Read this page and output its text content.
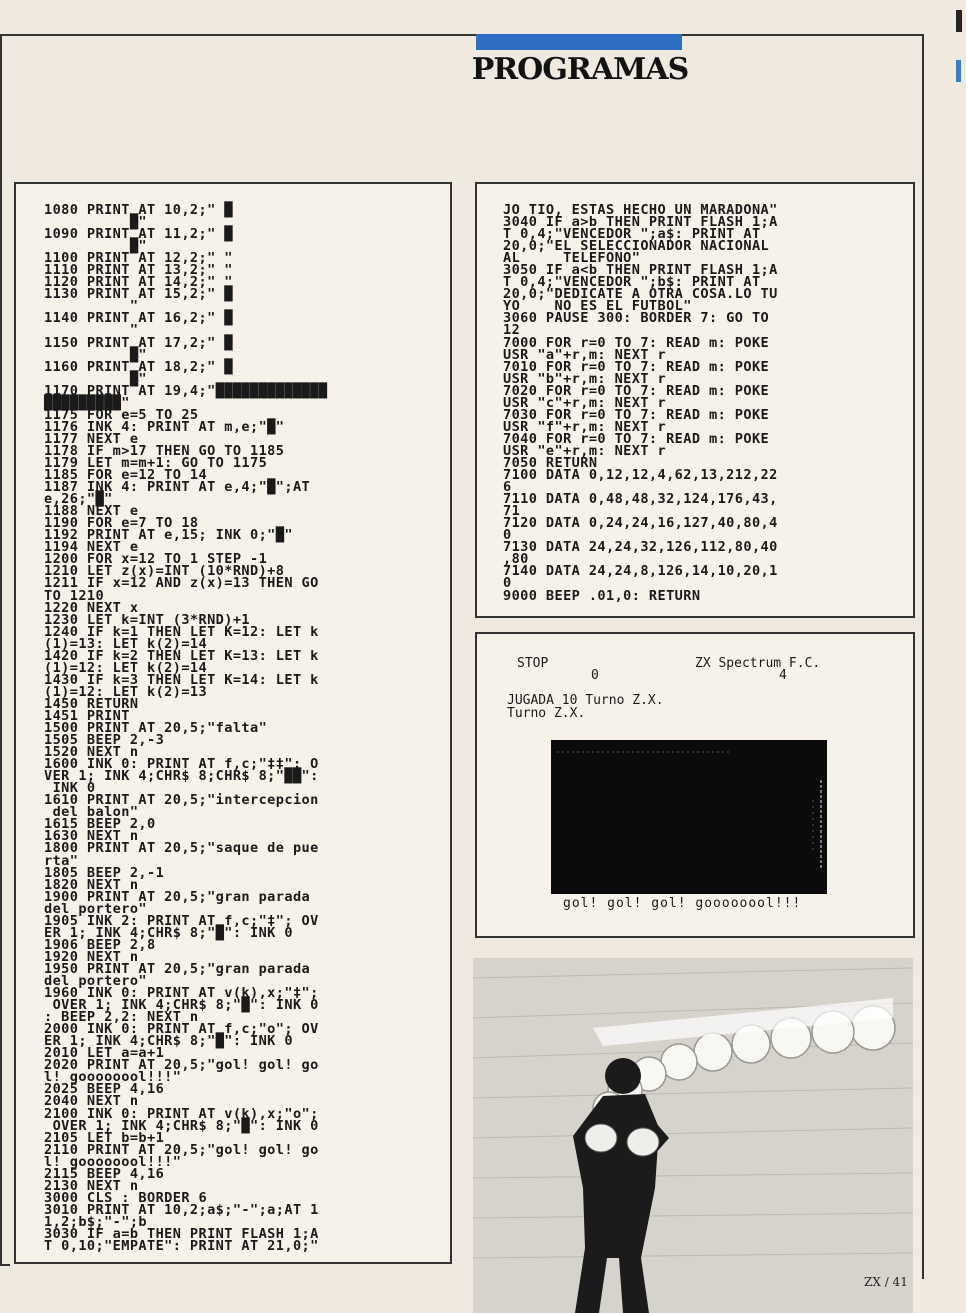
PROGRAMAS
1080 PRINT AT 10,2;" █
█"
1090 PRINT AT 11,2;" █
█"
1100 PRINT AT 12,2;" "
1110 PRINT AT 13,2;" "
1120 PRINT AT 14,2;" "
1130 PRINT AT 15,2;" █
"
1140 PRINT AT 16,2;" █
"
1150 PRINT AT 17,2;" █
█"
1160 PRINT AT 18,2;" █
█"
1170 PRINT AT 19,4;"█████████████
█████████"
1175 FOR e=5 TO 25
1176 INK 4: PRINT AT m,e;"█"
1177 NEXT e
1178 IF m>17 THEN GO TO 1185
1179 LET m=m+1: GO TO 1175
1185 FOR e=12 TO 14
1187 INK 4: PRINT AT e,4;"█";AT
e,26;"█"
1188 NEXT e
1190 FOR e=7 TO 18
1192 PRINT AT e,15; INK 0;"█"
1194 NEXT e
1200 FOR x=12 TO 1 STEP -1
1210 LET z(x)=INT (10*RND)+8
1211 IF x=12 AND z(x)=13 THEN GO
TO 1210
1220 NEXT x
1230 LET k=INT (3*RND)+1
1240 IF k=1 THEN LET K=12: LET k
(1)=13: LET k(2)=14
1420 IF k=2 THEN LET K=13: LET k
(1)=12: LET k(2)=14
1430 IF k=3 THEN LET K=14: LET k
(1)=12: LET k(2)=13
1450 RETURN
1451 PRINT
1500 PRINT AT 20,5;"falta"
1505 BEEP 2,-3
1520 NEXT n
1600 INK 0: PRINT AT f,c;"‡‡"; O
VER 1; INK 4;CHR$ 8;CHR$ 8;"██":
INK 0
1610 PRINT AT 20,5;"intercepcion
del balon"
1615 BEEP 2,0
1630 NEXT n
1800 PRINT AT 20,5;"saque de pue
rta"
1805 BEEP 2,-1
1820 NEXT n
1900 PRINT AT 20,5;"gran parada
del portero"
1905 INK 2: PRINT AT f,c;"‡"; OV
ER 1; INK 4;CHR$ 8;"█": INK 0
1906 BEEP 2,8
1920 NEXT n
1950 PRINT AT 20,5;"gran parada
del portero"
1960 INK 0: PRINT AT v(k),x;"‡";
OVER 1; INK 4;CHR$ 8;"█": INK 0
: BEEP 2,2: NEXT n
2000 INK 0: PRINT AT f,c;"o"; OV
ER 1; INK 4;CHR$ 8;"█": INK 0
2010 LET a=a+1
2020 PRINT AT 20,5;"gol! gol! go
l! goooooool!!!"
2025 BEEP 4,16
2040 NEXT n
2100 INK 0: PRINT AT v(k),x;"o";
OVER 1; INK 4;CHR$ 8;"█": INK 0
2105 LET b=b+1
2110 PRINT AT 20,5;"gol! gol! go
l! goooooool!!!"
2115 BEEP 4,16
2130 NEXT n
3000 CLS : BORDER 6
3010 PRINT AT 10,2;a$;"-";a;AT 1
1,2;b$;"-";b
3030 IF a=b THEN PRINT FLASH 1;A
T 0,10;"EMPATE": PRINT AT 21,0;"
JO TIO, ESTAS HECHO UN MARADONA"
3040 IF a>b THEN PRINT FLASH 1;A
T 0,4;"VENCEDOR ";a$: PRINT AT
20,0;"EL SELECCIONADOR NACIONAL
AL     TELEFONO"
3050 IF a<b THEN PRINT FLASH 1;A
T 0,4;"VENCEDOR ";b$: PRINT AT
20,0;"DEDICATE A OTRA COSA.LO TU
YO    NO ES EL FUTBOL"
3060 PAUSE 300: BORDER 7: GO TO
12
7000 FOR r=0 TO 7: READ m: POKE
USR "a"+r,m: NEXT r
7010 FOR r=0 TO 7: READ m: POKE
USR "b"+r,m: NEXT r
7020 FOR r=0 TO 7: READ m: POKE
USR "c"+r,m: NEXT r
7030 FOR r=0 TO 7: READ m: POKE
USR "f"+r,m: NEXT r
7040 FOR r=0 TO 7: READ m: POKE
USR "e"+r,m: NEXT r
7050 RETURN
7100 DATA 0,12,12,4,62,13,212,22
6
7110 DATA 0,48,48,32,124,176,43,
71
7120 DATA 0,24,24,16,127,40,80,4
0
7130 DATA 24,24,32,126,112,80,40
,80
7140 DATA 24,24,8,126,14,10,20,1
0
9000 BEEP .01,0: RETURN
STOP	ZX Spectrum F.C.
0	4
JUGADA 10 Turno Z.X.
Turno Z.X.
gol! gol! gol! goooooool!!!
ZX / 41
